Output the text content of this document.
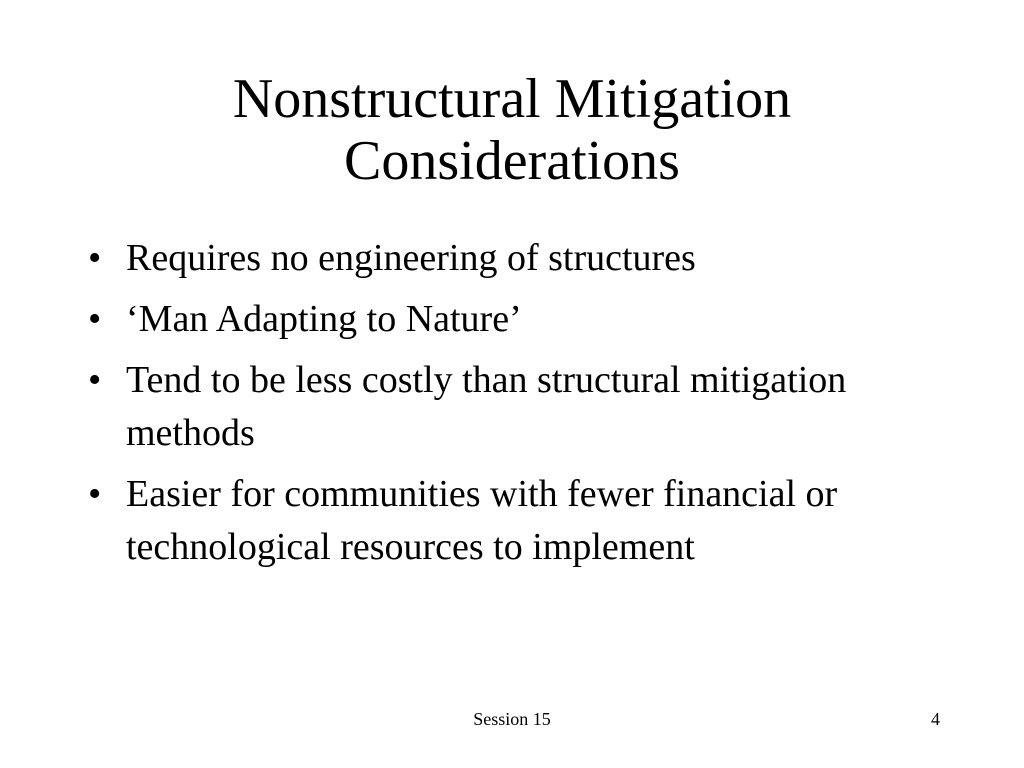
Nonstructural Mitigation
Considerations
• Requires no engineering of structures
• ‘Man Adapting to Nature’
• Tend to be less costly than structural mitigation methods
• Easier for communities with fewer financial or technological resources to implement
Session 15	4
